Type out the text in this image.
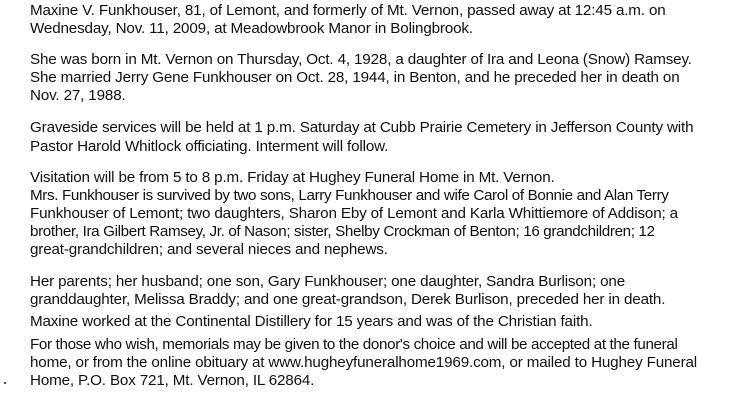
Maxine V. Funkhouser, 81, of Lemont, and formerly of Mt. Vernon, passed away at 12:45 a.m. on
Wednesday, Nov. 11, 2009, at Meadowbrook Manor in Bolingbrook.
She was born in Mt. Vernon on Thursday, Oct. 4, 1928, a daughter of Ira and Leona (Snow) Ramsey.
She married Jerry Gene Funkhouser on Oct. 28, 1944, in Benton, and he preceded her in death on
Nov. 27, 1988.
Graveside services will be held at 1 p.m. Saturday at Cubb Prairie Cemetery in Jefferson County with
Pastor Harold Whitlock officiating. Interment will follow.
Visitation will be from 5 to 8 p.m. Friday at Hughey Funeral Home in Mt. Vernon.
Mrs. Funkhouser is survived by two sons, Larry Funkhouser and wife Carol of Bonnie and Alan Terry
Funkhouser of Lemont; two daughters, Sharon Eby of Lemont and Karla Whittiemore of Addison; a
brother, Ira Gilbert Ramsey, Jr. of Nason; sister, Shelby Crockman of Benton; 16 grandchildren; 12
great-grandchildren; and several nieces and nephews.
Her parents; her husband; one son, Gary Funkhouser; one daughter, Sandra Burlison; one
granddaughter, Melissa Braddy; and one great-grandson, Derek Burlison, preceded her in death.
Maxine worked at the Continental Distillery for 15 years and was of the Christian faith.
For those who wish, memorials may be given to the donor's choice and will be accepted at the funeral
home, or from the online obituary at www.hugheyfuneralhome1969.com, or mailed to Hughey Funeral
Home, P.O. Box 721, Mt. Vernon, IL 62864.
